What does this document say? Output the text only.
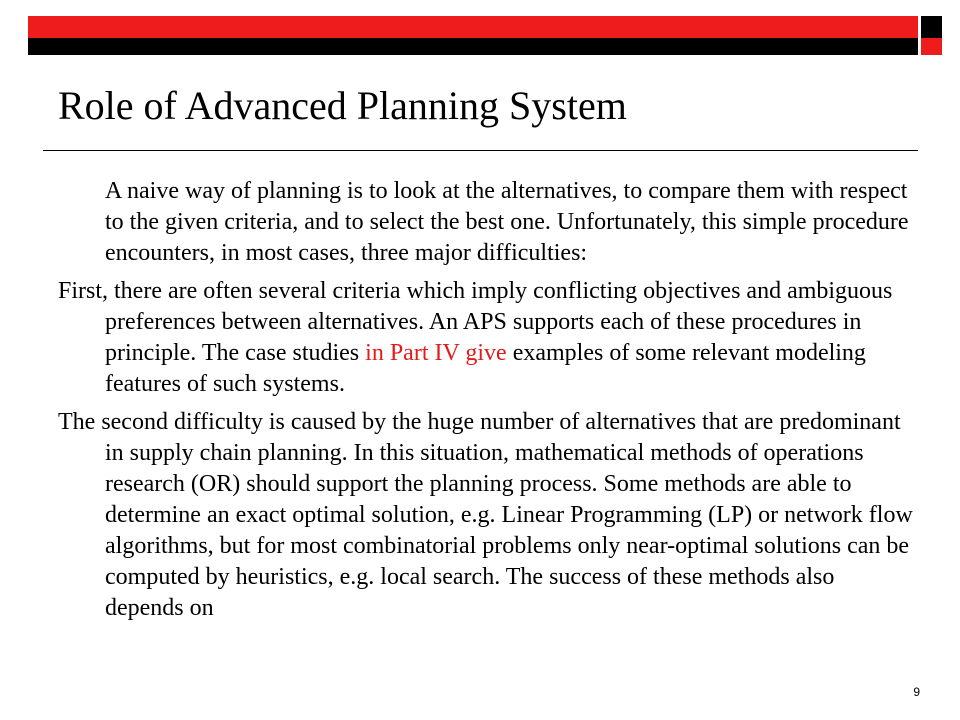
Role of Advanced Planning System

A naive way of planning is to look at the alternatives, to compare them with respect to the given criteria, and to select the best one. Unfortunately, this simple procedure encounters, in most cases, three major difficulties:

First, there are often several criteria which imply conflicting objectives and ambiguous preferences between alternatives. An APS supports each of these procedures in principle. The case studies in Part IV give examples of some relevant modeling features of such systems.

The second difficulty is caused by the huge number of alternatives that are predominant in supply chain planning. In this situation, mathematical methods of operations research (OR) should support the planning process. Some methods are able to determine an exact optimal solution, e.g. Linear Programming (LP) or network flow algorithms, but for most combinatorial problems only near-optimal solutions can be computed by heuristics, e.g. local search. The success of these methods also depends on

9
